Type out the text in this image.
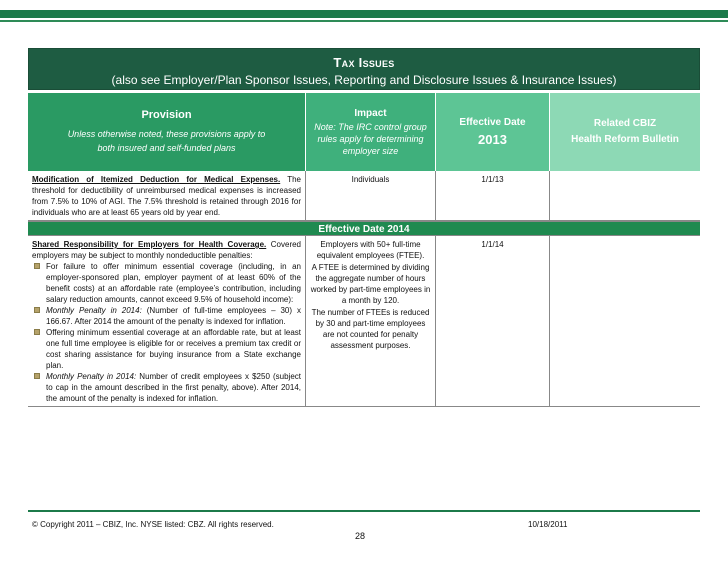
Tax Issues
(also see Employer/Plan Sponsor Issues, Reporting and Disclosure Issues & Insurance Issues)
Provision
Unless otherwise noted, these provisions apply to
both insured and self-funded plans
Impact
Note: The IRC control group
rules apply for determining
employer size
Effective Date
2013
Related CBIZ
Health Reform Bulletin
Modification of Itemized Deduction for Medical Expenses. The threshold for deductibility of unreimbursed medical expenses is increased from 7.5% to 10% of AGI. The 7.5% threshold is retained through 2016 for individuals who are at least 65 years old by year end.
Individuals	1/1/13
Effective Date 2014
Shared Responsibility for Employers for Health Coverage. Covered employers may be subject to monthly nondeductible penalties:
For failure to offer minimum essential coverage (including, in an employer-sponsored plan, employer payment of at least 60% of the benefit costs) at an affordable rate (employee’s contribution, including salary reduction amounts, cannot exceed 9.5% of household income):
Monthly Penalty in 2014: (Number of full-time employees – 30) x 166.67. After 2014 the amount of the penalty is indexed for inflation.
Offering minimum essential coverage at an affordable rate, but at least one full time employee is eligible for or receives a premium tax credit or cost sharing assistance for buying insurance from a State exchange plan.
Monthly Penalty in 2014: Number of credit employees x $250 (subject to cap in the amount described in the first penalty, above). After 2014, the amount of the penalty is indexed for inflation.
Employers with 50+ full-time equivalent employees (FTEE).
A FTEE is determined by dividing the aggregate number of hours worked by part-time employees in a month by 120.
The number of FTEEs is reduced by 30 and part-time employees are not counted for penalty assessment purposes.
1/1/14
© Copyright 2011 – CBIZ, Inc. NYSE listed: CBZ. All rights reserved.	10/18/2011
28
